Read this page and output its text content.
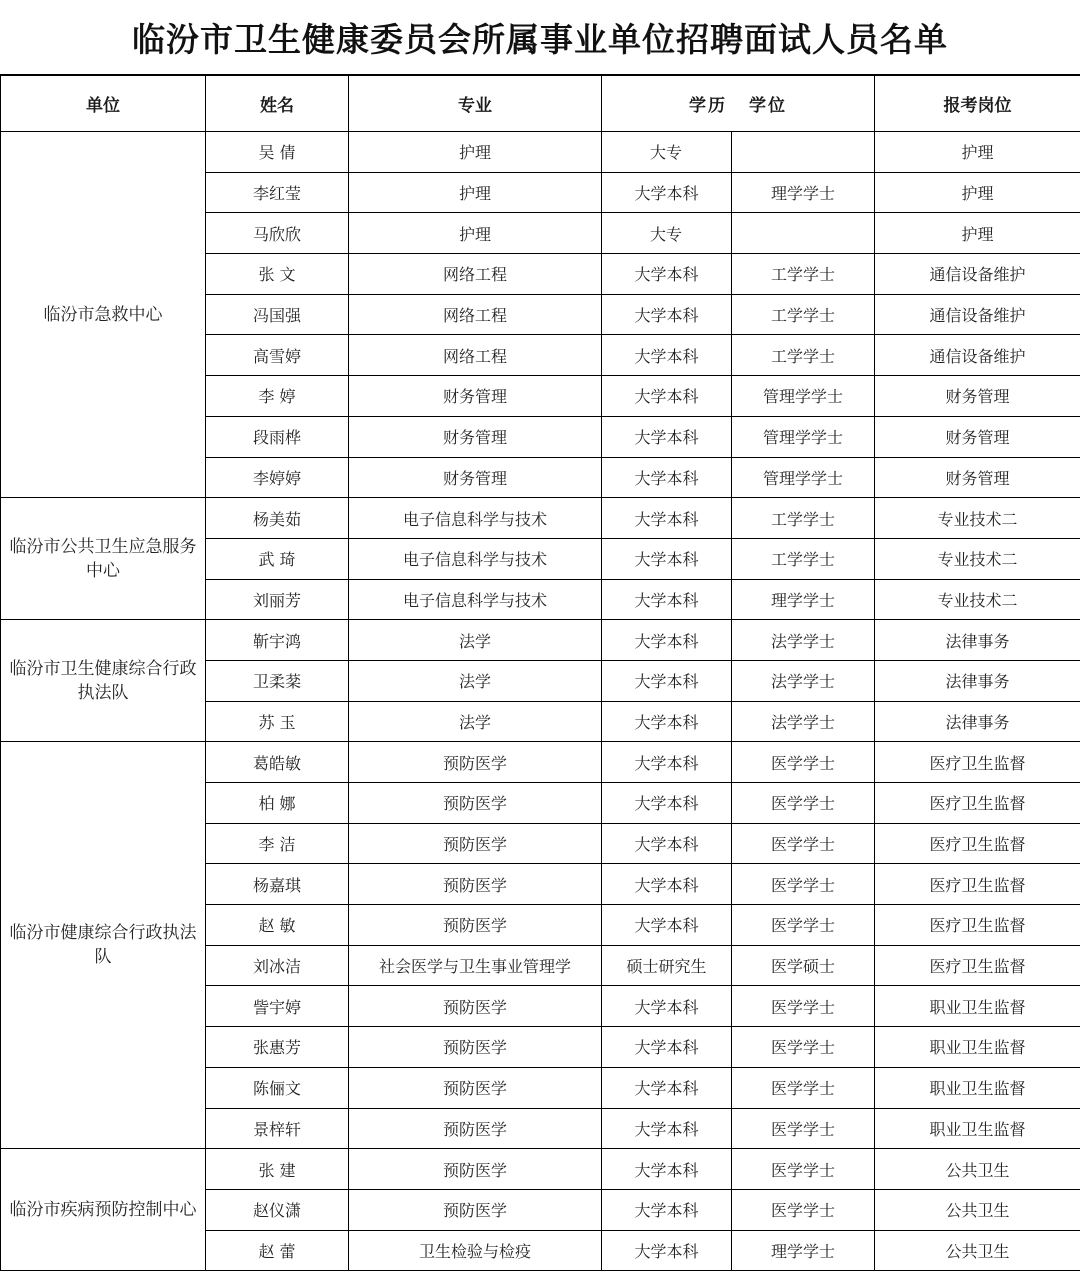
临汾市卫生健康委员会所属事业单位招聘面试人员名单
单位	姓名	专业	学历 学位		报考岗位
临汾市急救中心	吴 倩	护理	大专		护理
	李红莹	护理	大学本科	理学学士	护理
	马欣欣	护理	大专		护理
	张 文	网络工程	大学本科	工学学士	通信设备维护
	冯国强	网络工程	大学本科	工学学士	通信设备维护
	高雪婷	网络工程	大学本科	工学学士	通信设备维护
	李 婷	财务管理	大学本科	管理学学士	财务管理
	段雨桦	财务管理	大学本科	管理学学士	财务管理
	李婷婷	财务管理	大学本科	管理学学士	财务管理
临汾市公共卫生应急服务中心	杨美茹	电子信息科学与技术	大学本科	工学学士	专业技术二
	武 琦	电子信息科学与技术	大学本科	工学学士	专业技术二
	刘丽芳	电子信息科学与技术	大学本科	理学学士	专业技术二
临汾市卫生健康综合行政执法队	靳宇鸿	法学	大学本科	法学学士	法律事务
	卫柔棻	法学	大学本科	法学学士	法律事务
	苏 玉	法学	大学本科	法学学士	法律事务
临汾市健康综合行政执法队	葛皓敏	预防医学	大学本科	医学学士	医疗卫生监督
	柏 娜	预防医学	大学本科	医学学士	医疗卫生监督
	李 洁	预防医学	大学本科	医学学士	医疗卫生监督
	杨嘉琪	预防医学	大学本科	医学学士	医疗卫生监督
	赵 敏	预防医学	大学本科	医学学士	医疗卫生监督
	刘冰洁	社会医学与卫生事业管理学	硕士研究生	医学硕士	医疗卫生监督
	訾宇婷	预防医学	大学本科	医学学士	职业卫生监督
	张惠芳	预防医学	大学本科	医学学士	职业卫生监督
	陈俪文	预防医学	大学本科	医学学士	职业卫生监督
	景梓轩	预防医学	大学本科	医学学士	职业卫生监督
临汾市疾病预防控制中心	张 建	预防医学	大学本科	医学学士	公共卫生
	赵仪潇	预防医学	大学本科	医学学士	公共卫生
	赵 蕾	卫生检验与检疫	大学本科	理学学士	公共卫生
